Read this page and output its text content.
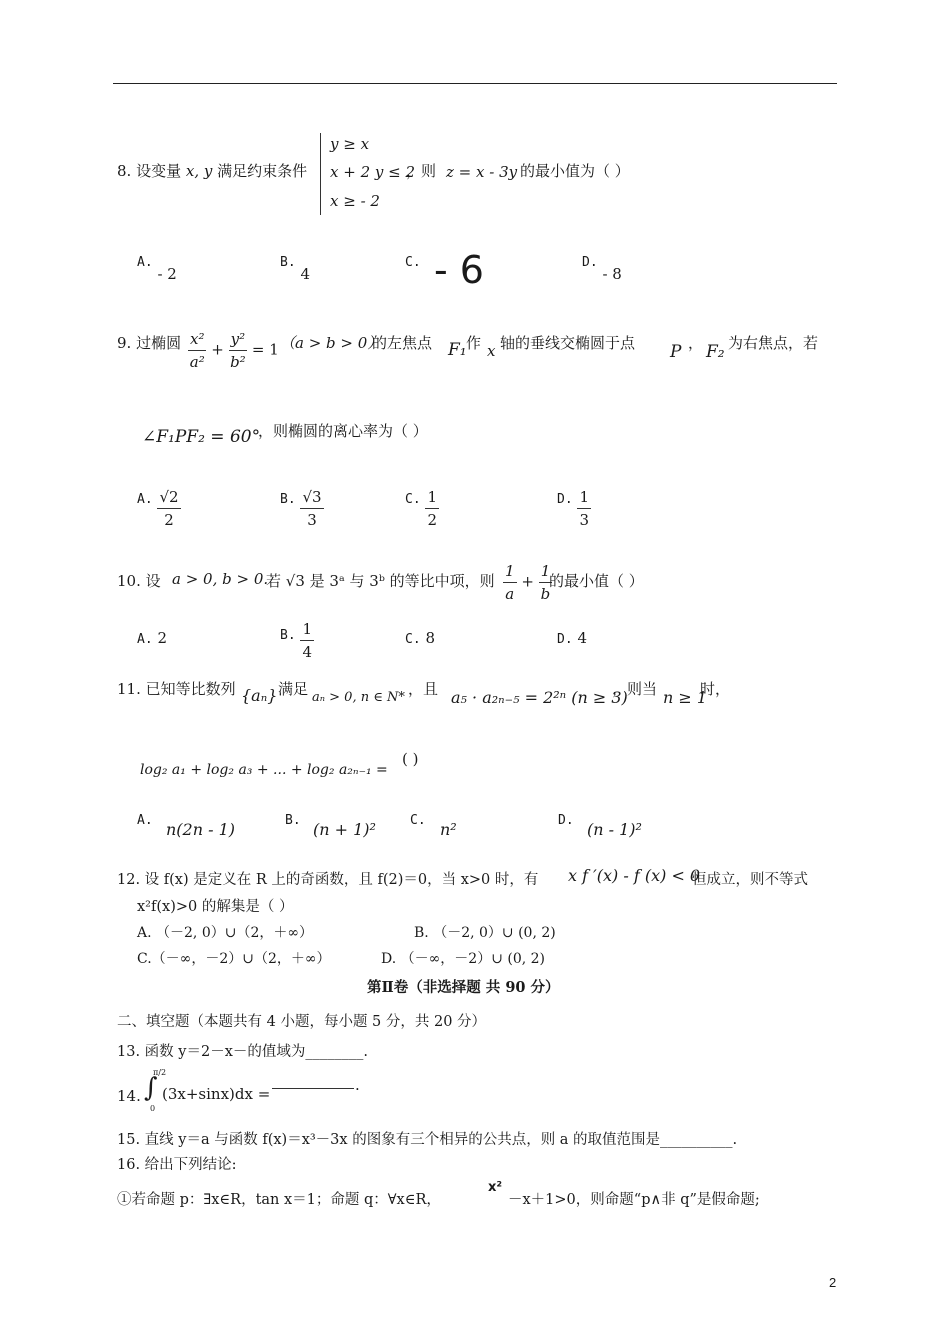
8. 设变量 x, y 满足约束条件
y ≥ x
x + 2 y ≤ 2
x ≥ - 2
，则 z = x - 3y 的最小值为（ ）
A. - 2
B. 4
C. - 6	D. - 8
9. 过椭圆 $\frac{\text{x²}}{\text{a²}} + \frac{\text{y²}}{\text{b²}} = 1$ （a > b > 0）
的左焦点 F₁ 作 x 轴的垂线交椭圆于点 P ， F₂ 为右焦点，若
∠F₁PF₂ = 60°
，则椭圆的离心率为（ ）
A. $\frac{√2}{2}$	B. $\frac{√3}{3}$	C. $\frac{1}{2}$	D. $\frac{1}{3}$
10. 设 a > 0, b > 0.
若 √3 是 3ᵃ 与 3ᵇ 的等比中项，则 $\frac{1}{a} + \frac{1}{b}$
的最小值（ ）
A. 2	B. $\frac{1}{4}$	C. 8	D. 4
11. 已知等比数列 {aₙ} 满足 aₙ > 0, n ∈ N* ，且 a₅ · a₂ₙ₋₅ = 2²ⁿ (n ≥ 3)
，则当 n ≥ 1
时，
log₂ a₁ + log₂ a₃ + ... + log₂ a₂ₙ₋₁ =
( )
A. n(2n - 1)	B. (n + 1)²	C. n²	D. (n - 1)²
12. 设 f(x) 是定义在 R 上的奇函数，且 f(2)＝0，当 x>0 时，有 x f ′(x) - f (x) < 0
恒成立，则不等式
x²f(x)>0 的解集是（ ）
A. （－2, 0）∪（2，＋∞）	B. （－2, 0）∪ (0, 2)
C.（－∞，－2）∪（2，＋∞）	D. （－∞，－2）∪ (0, 2)
第Ⅱ卷（非选择题 共 90 分）
二、填空题（本题共有 4 小题，每小题 5 分，共 20 分）
13. 函数 y＝2－x－的值域为________.
14. ∫
π/2
0
(3x+sinx)dx =	.
15. 直线 y＝a 与函数 f(x)＝x³－3x 的图象有三个相异的公共点，则 a 的取值范围是__________.
16. 给出下列结论:
①若命题 p：∃x∈R，tan x＝1；命题 q：∀x∈R，
x²
－x＋1>0，则命题“p∧非 q”是假命题;
2
